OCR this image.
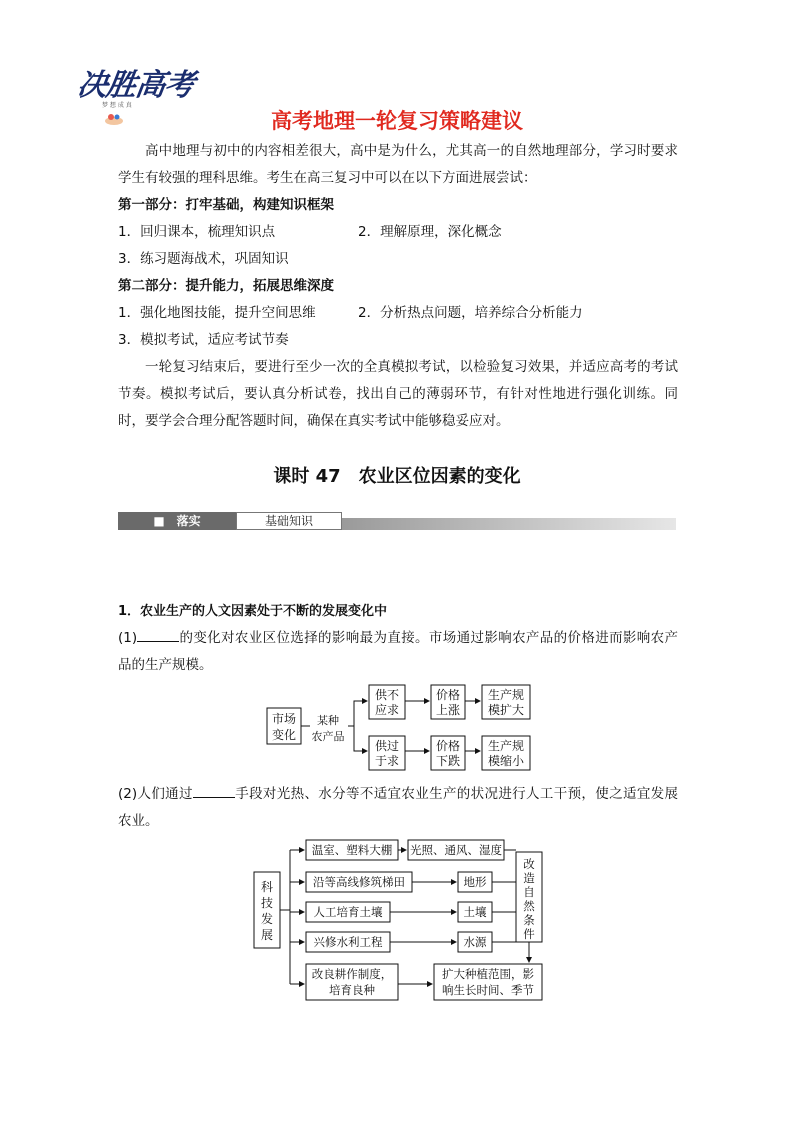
决胜高考
梦 想 成 真
高考地理一轮复习策略建议
高中地理与初中的内容相差很大，高中是为什么，尤其高一的自然地理部分，学习时要求学生有较强的理科思维。考生在高三复习中可以在以下方面进展尝试：
第一部分：打牢基础，构建知识框架
1．回归课本，梳理知识点	2．理解原理，深化概念
3．练习题海战术，巩固知识
第二部分：提升能力，拓展思维深度
1．强化地图技能，提升空间思维	2．分析热点问题，培养综合分析能力
3．模拟考试，适应考试节奏
一轮复习结束后，要进行至少一次的全真模拟考试，以检验复习效果，并适应高考的考试节奏。模拟考试后，要认真分析试卷，找出自己的薄弱环节，有针对性地进行强化训练。同时，要学会合理分配答题时间，确保在真实考试中能够稳妥应对。
课时 47　农业区位因素的变化
■　落实	基础知识
1．农业生产的人文因素处于不断的发展变化中
(1)	的变化对农业区位选择的影响最为直接。市场通过影响农产品的价格进而影响农产品的生产规模。
市场
变化
某种
农产品
供不
应求
价格
上涨
生产规
模扩大
供过
于求
价格
下跌
生产规
模缩小
(2)人们通过	手段对光热、水分等不适宜农业生产的状况进行人工干预，使之适宜发展农业。
科
技
发
展
温室、塑料大棚 光照、通风、湿度
沿等高线修筑梯田	地形
人工培育土壤	土壤
兴修水利工程	水源
改
造
自
然
条
件
改良耕作制度，
培育良种
扩大种植范围，影
响生长时间、季节
